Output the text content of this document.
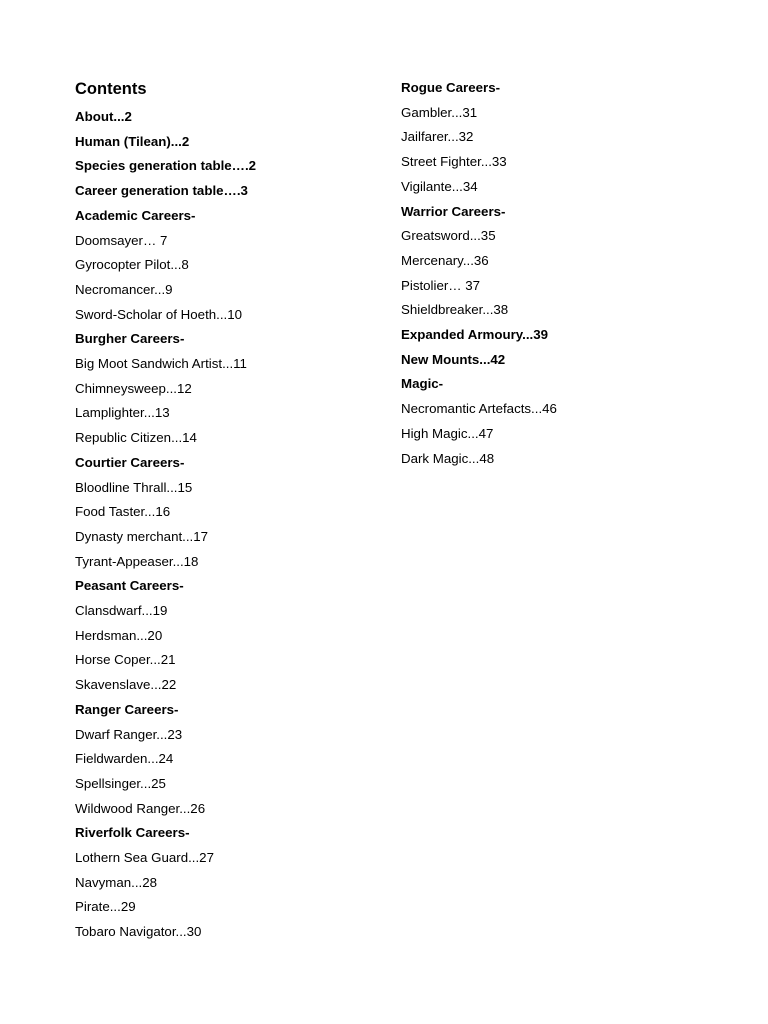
Contents
About...2
Human (Tilean)...2
Species generation table….2
Career generation table….3
Academic Careers-
Doomsayer… 7
Gyrocopter Pilot...8
Necromancer...9
Sword-Scholar of Hoeth...10
Burgher Careers-
Big Moot Sandwich Artist...11
Chimneysweep...12
Lamplighter...13
Republic Citizen...14
Courtier Careers-
Bloodline Thrall...15
Food Taster...16
Dynasty merchant...17
Tyrant-Appeaser...18
Peasant Careers-
Clansdwarf...19
Herdsman...20
Horse Coper...21
Skavenslave...22
Ranger Careers-
Dwarf Ranger...23
Fieldwarden...24
Spellsinger...25
Wildwood Ranger...26
Riverfolk Careers-
Lothern Sea Guard...27
Navyman...28
Pirate...29
Tobaro Navigator...30
Rogue Careers-
Gambler...31
Jailfarer...32
Street Fighter...33
Vigilante...34
Warrior Careers-
Greatsword...35
Mercenary...36
Pistolier… 37
Shieldbreaker...38
Expanded Armoury...39
New Mounts...42
Magic-
Necromantic Artefacts...46
High Magic...47
Dark Magic...48
